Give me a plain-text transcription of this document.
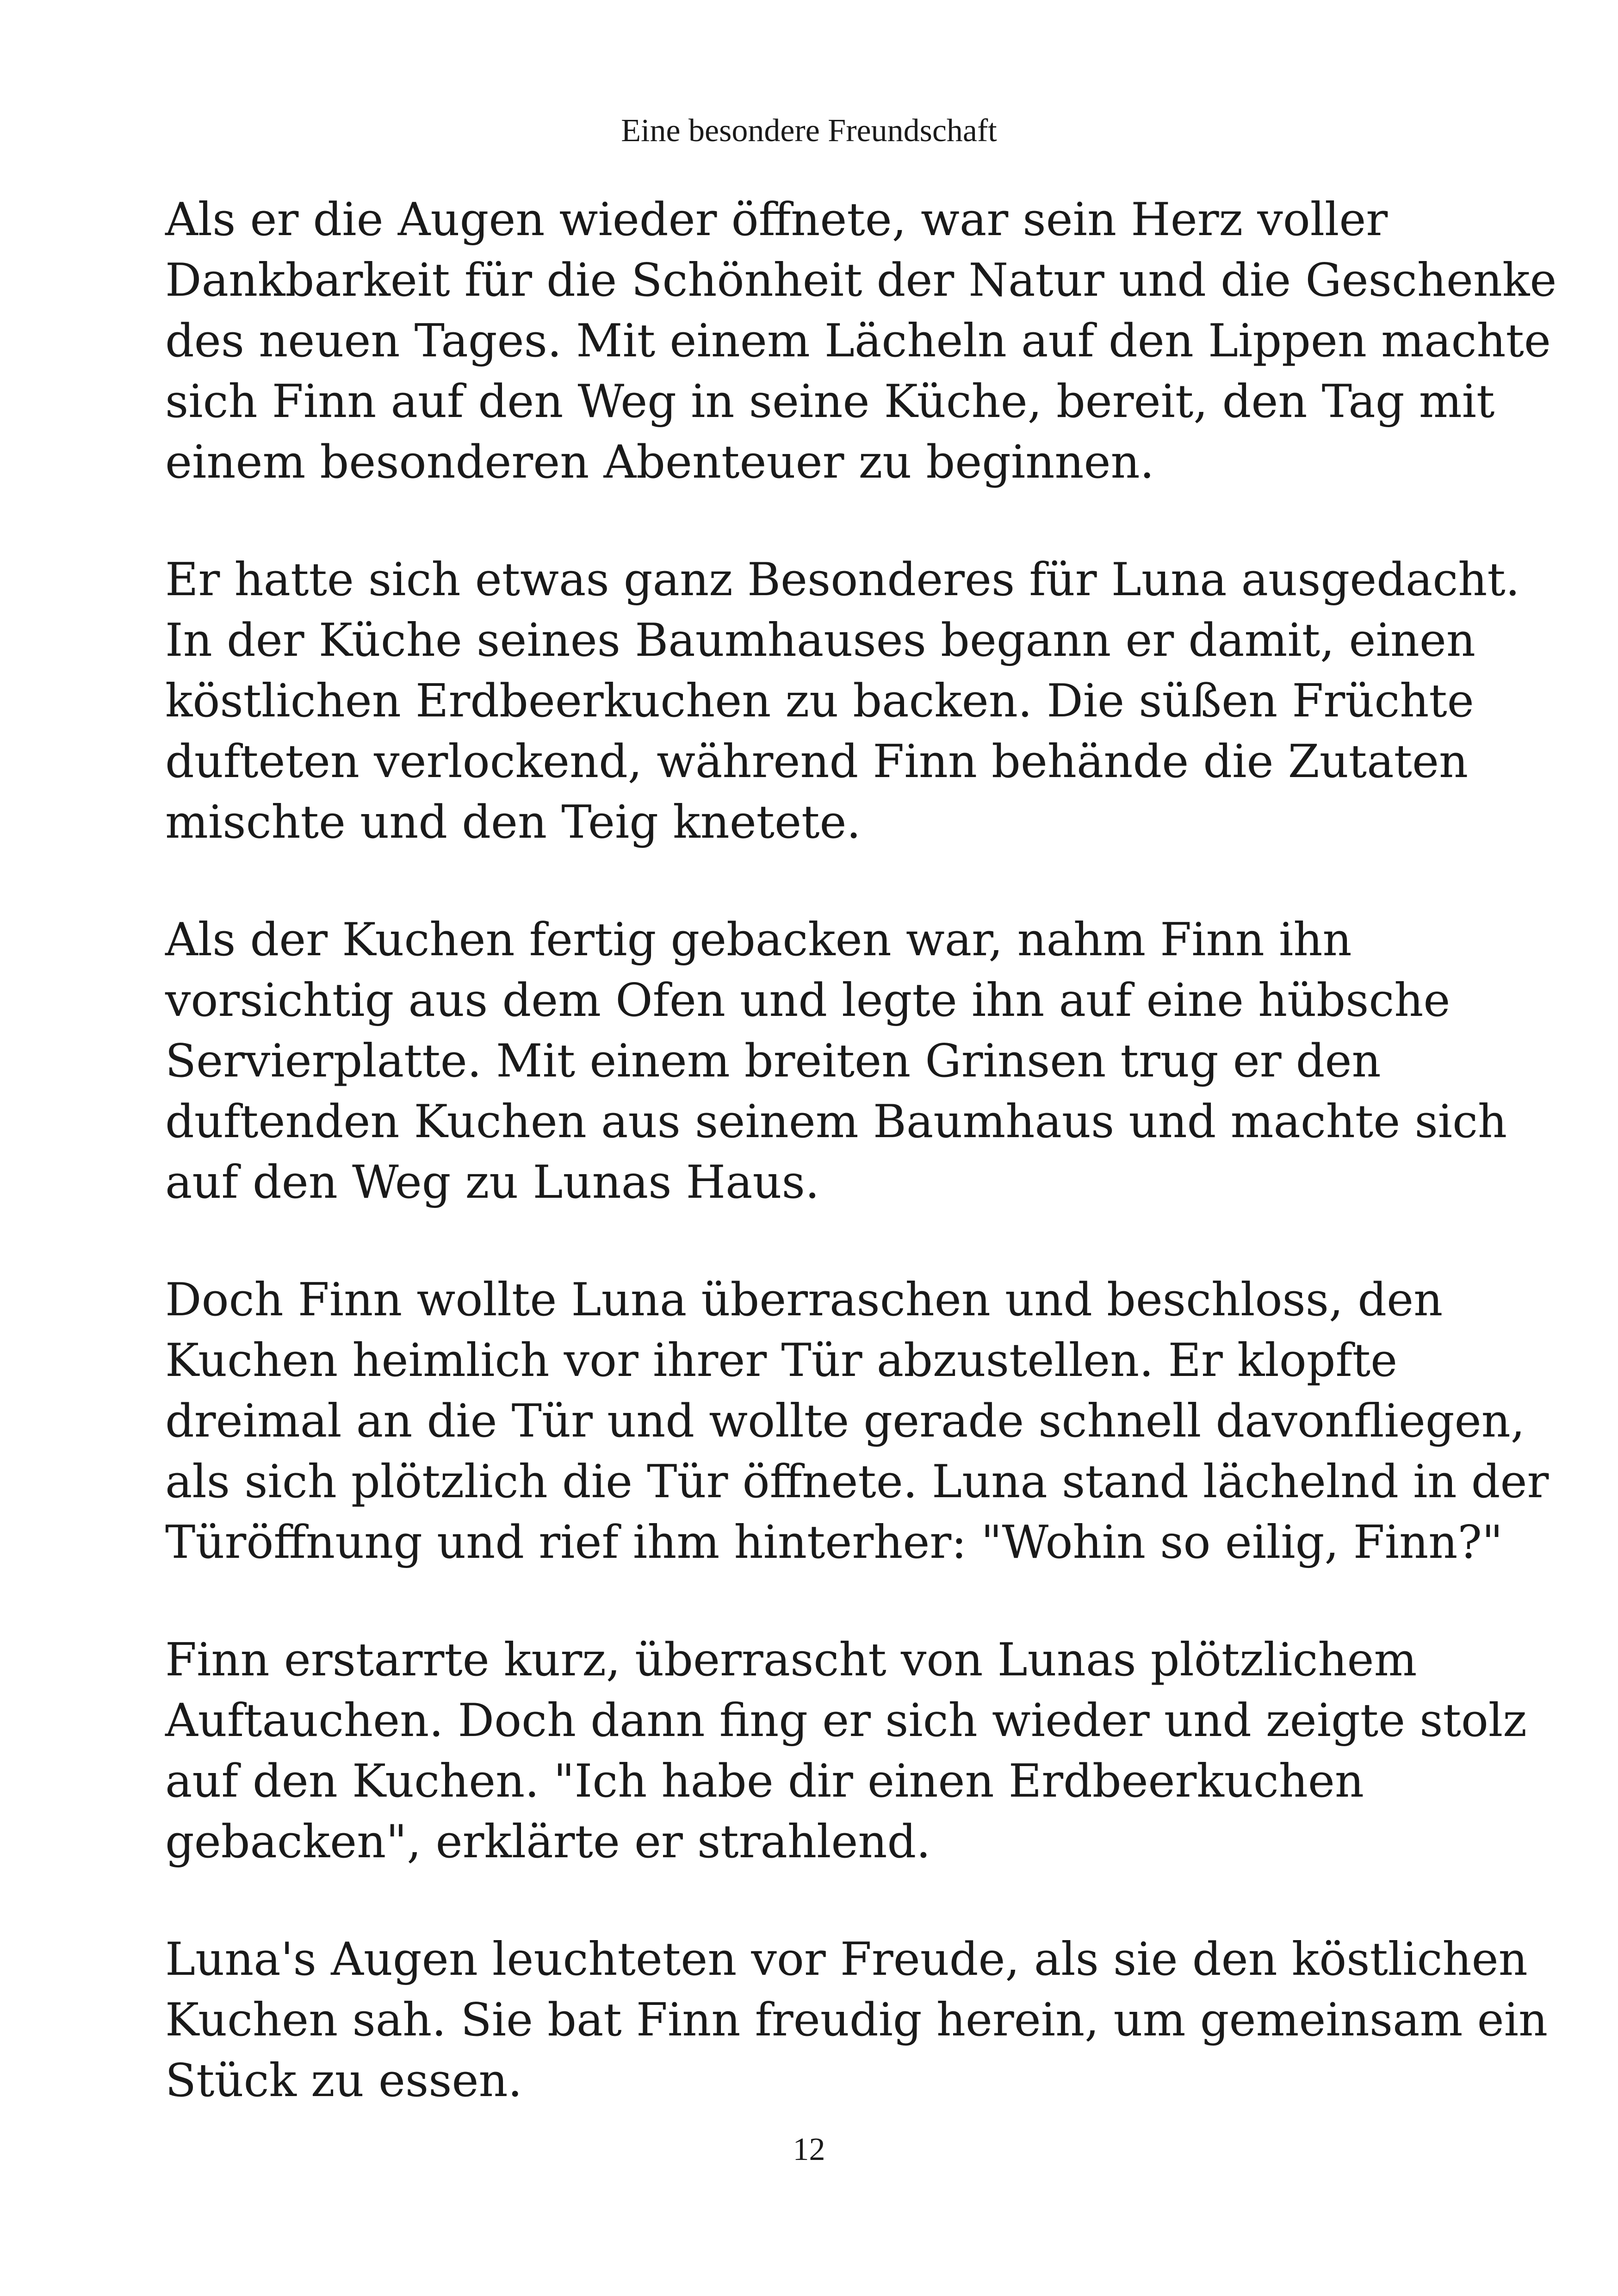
Eine besondere Freundschaft

Als er die Augen wieder öffnete, war sein Herz voller
Dankbarkeit für die Schönheit der Natur und die Geschenke
des neuen Tages. Mit einem Lächeln auf den Lippen machte
sich Finn auf den Weg in seine Küche, bereit, den Tag mit
einem besonderen Abenteuer zu beginnen.

Er hatte sich etwas ganz Besonderes für Luna ausgedacht.
In der Küche seines Baumhauses begann er damit, einen
köstlichen Erdbeerkuchen zu backen. Die süßen Früchte
dufteten verlockend, während Finn behände die Zutaten
mischte und den Teig knetete.

Als der Kuchen fertig gebacken war, nahm Finn ihn
vorsichtig aus dem Ofen und legte ihn auf eine hübsche
Servierplatte. Mit einem breiten Grinsen trug er den
duftenden Kuchen aus seinem Baumhaus und machte sich
auf den Weg zu Lunas Haus.

Doch Finn wollte Luna überraschen und beschloss, den
Kuchen heimlich vor ihrer Tür abzustellen. Er klopfte
dreimal an die Tür und wollte gerade schnell davonfliegen,
als sich plötzlich die Tür öffnete. Luna stand lächelnd in der
Türöffnung und rief ihm hinterher: "Wohin so eilig, Finn?"

Finn erstarrte kurz, überrascht von Lunas plötzlichem
Auftauchen. Doch dann fing er sich wieder und zeigte stolz
auf den Kuchen. "Ich habe dir einen Erdbeerkuchen
gebacken", erklärte er strahlend.

Luna's Augen leuchteten vor Freude, als sie den köstlichen
Kuchen sah. Sie bat Finn freudig herein, um gemeinsam ein
Stück zu essen.

12
